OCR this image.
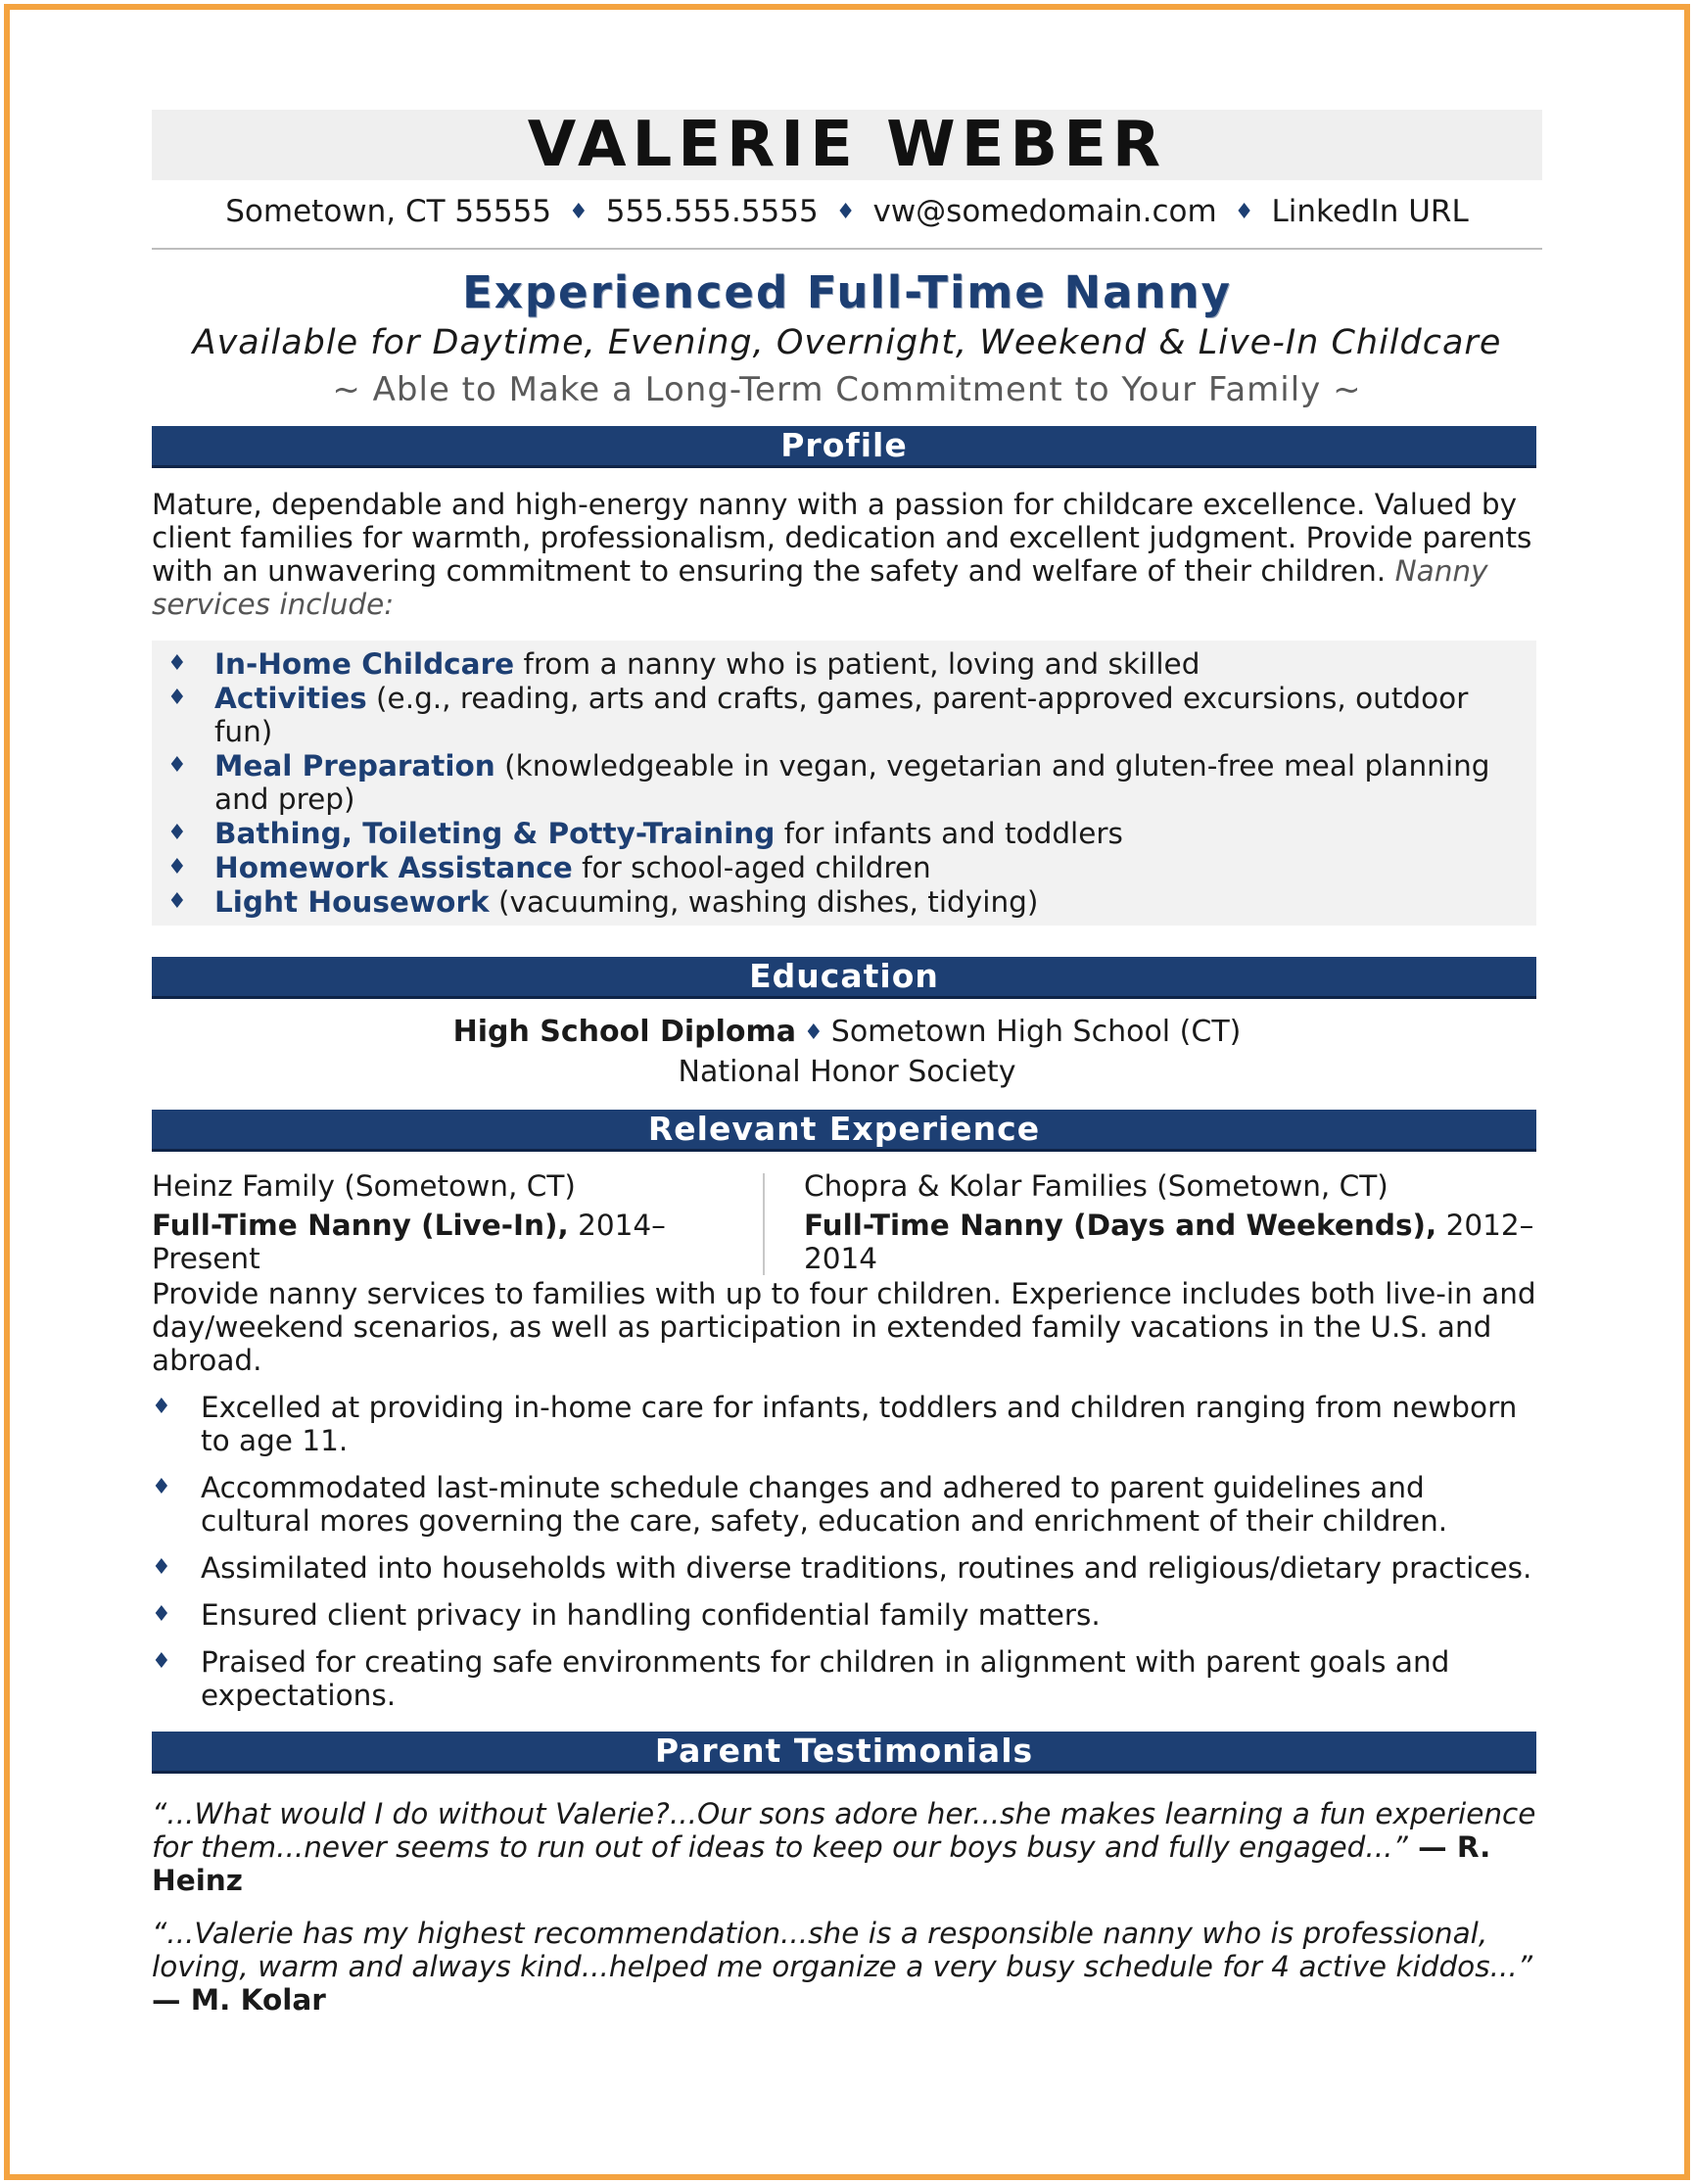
VALERIE WEBER
Sometown, CT 55555 ♦ 555.555.5555 ♦ vw@somedomain.com ♦ LinkedIn URL
Experienced Full-Time Nanny
Available for Daytime, Evening, Overnight, Weekend & Live-In Childcare
~ Able to Make a Long-Term Commitment to Your Family ~
Profile
Mature, dependable and high-energy nanny with a passion for childcare excellence. Valued by client families for warmth, professionalism, dedication and excellent judgment. Provide parents with an unwavering commitment to ensuring the safety and welfare of their children. Nanny services include:
♦ In-Home Childcare from a nanny who is patient, loving and skilled
♦ Activities (e.g., reading, arts and crafts, games, parent-approved excursions, outdoor fun)
♦ Meal Preparation (knowledgeable in vegan, vegetarian and gluten-free meal planning and prep)
♦ Bathing, Toileting & Potty-Training for infants and toddlers
♦ Homework Assistance for school-aged children
♦ Light Housework (vacuuming, washing dishes, tidying)
Education
High School Diploma ♦ Sometown High School (CT)
National Honor Society
Relevant Experience
Heinz Family (Sometown, CT)
Full-Time Nanny (Live-In), 2014–Present
Chopra & Kolar Families (Sometown, CT)
Full-Time Nanny (Days and Weekends), 2012–2014
Provide nanny services to families with up to four children. Experience includes both live-in and day/weekend scenarios, as well as participation in extended family vacations in the U.S. and abroad.
♦ Excelled at providing in-home care for infants, toddlers and children ranging from newborn to age 11.
♦ Accommodated last-minute schedule changes and adhered to parent guidelines and cultural mores governing the care, safety, education and enrichment of their children.
♦ Assimilated into households with diverse traditions, routines and religious/dietary practices.
♦ Ensured client privacy in handling confidential family matters.
♦ Praised for creating safe environments for children in alignment with parent goals and expectations.
Parent Testimonials
“...What would I do without Valerie?...Our sons adore her...she makes learning a fun experience for them...never seems to run out of ideas to keep our boys busy and fully engaged...” — R. Heinz
“...Valerie has my highest recommendation...she is a responsible nanny who is professional, loving, warm and always kind...helped me organize a very busy schedule for 4 active kiddos...” — M. Kolar
